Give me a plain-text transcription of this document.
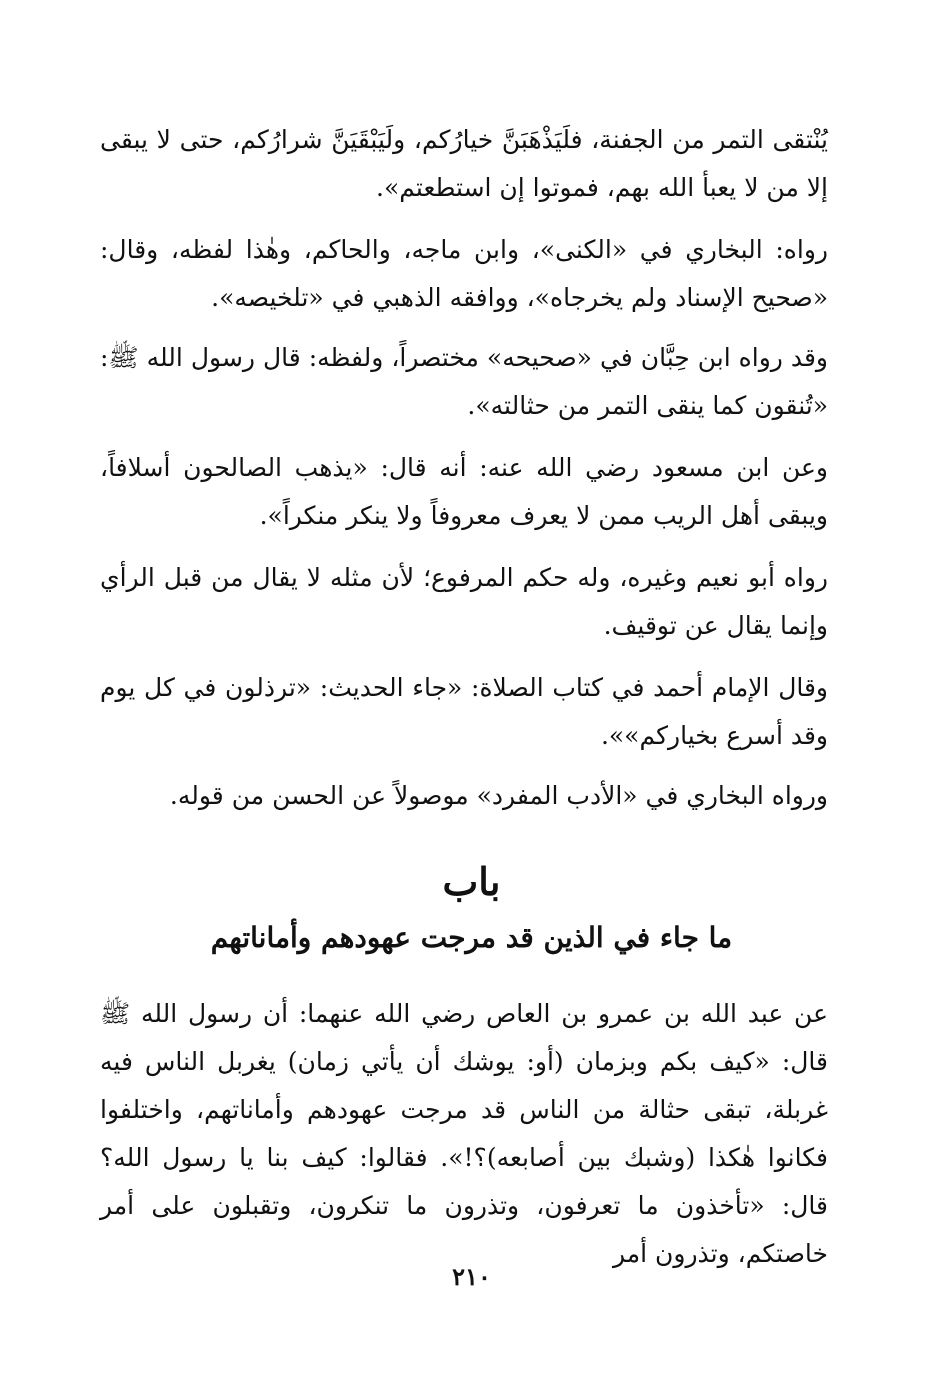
يُنْتقى التمر من الجفنة، فلَيَذْهَبَنَّ خيارُكم، ولَيَبْقَيَنَّ شرارُكم، حتى لا يبقى إلا من لا يعبأ الله بهم، فموتوا إن استطعتم».

رواه: البخاري في «الكنى»، وابن ماجه، والحاكم، وهٰذا لفظه، وقال: «صحيح الإسناد ولم يخرجاه»، ووافقه الذهبي في «تلخيصه».

وقد رواه ابن حِبَّان في «صحيحه» مختصراً، ولفظه: قال رسول الله ﷺ: «تُنقون كما ينقى التمر من حثالته».

وعن ابن مسعود رضي الله عنه: أنه قال: «يذهب الصالحون أسلافاً، ويبقى أهل الريب ممن لا يعرف معروفاً ولا ينكر منكراً».

رواه أبو نعيم وغيره، وله حكم المرفوع؛ لأن مثله لا يقال من قبل الرأي وإنما يقال عن توقيف.

وقال الإمام أحمد في كتاب الصلاة: «جاء الحديث: «ترذلون في كل يوم وقد أسرع بخياركم»».

ورواه البخاري في «الأدب المفرد» موصولاً عن الحسن من قوله.

باب
ما جاء في الذين قد مرجت عهودهم وأماناتهم

عن عبد الله بن عمرو بن العاص رضي الله عنهما: أن رسول الله ﷺ قال: «كيف بكم وبزمان (أو: يوشك أن يأتي زمان) يغربل الناس فيه غربلة، تبقى حثالة من الناس قد مرجت عهودهم وأماناتهم، واختلفوا فكانوا هٰكذا (وشبك بين أصابعه)؟!». فقالوا: كيف بنا يا رسول الله؟ قال: «تأخذون ما تعرفون، وتذرون ما تنكرون، وتقبلون على أمر خاصتكم، وتذرون أمر

٢١٠
